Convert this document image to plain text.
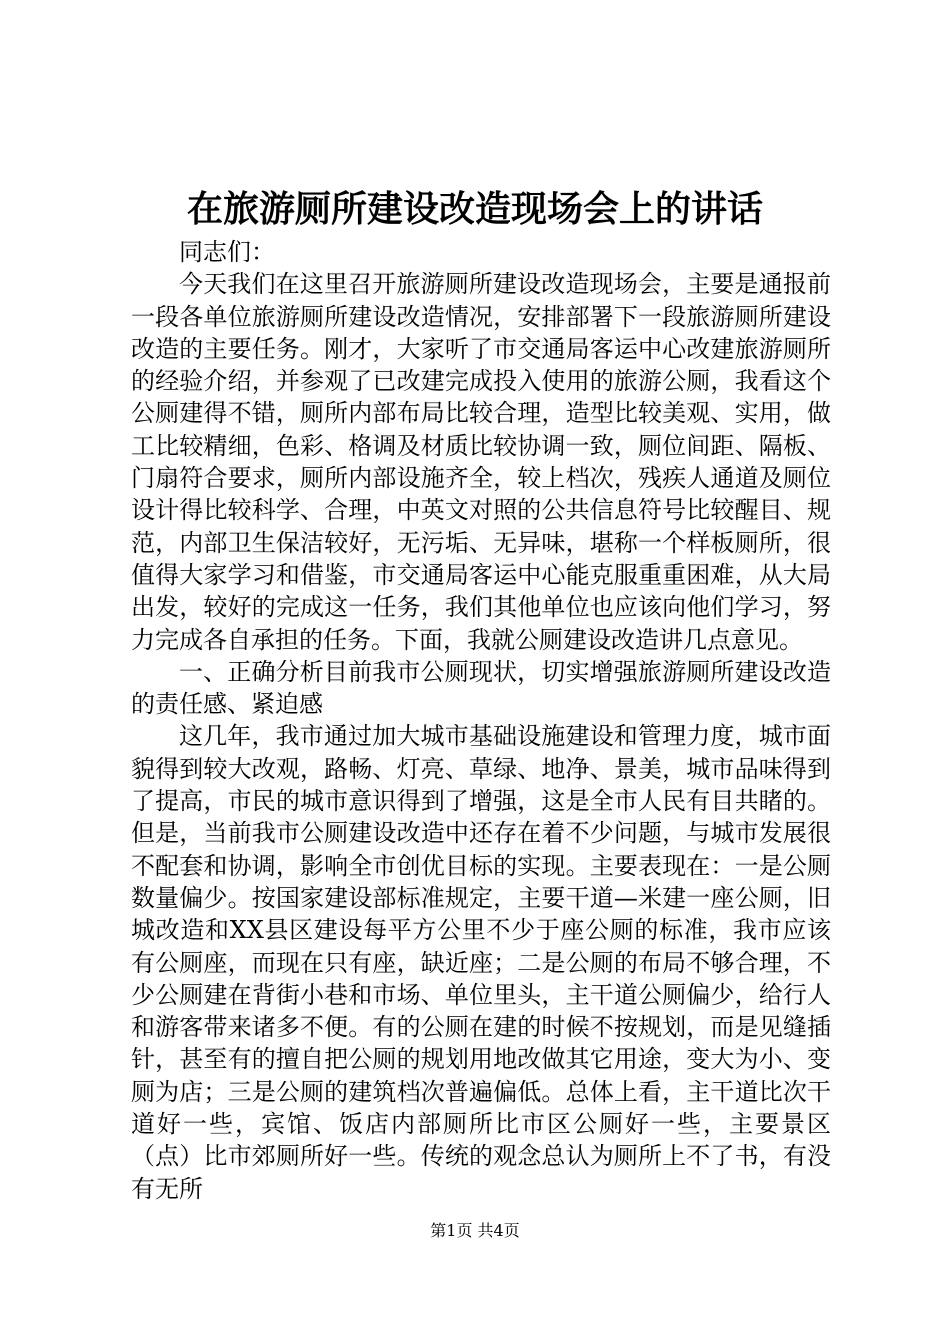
在旅游厕所建设改造现场会上的讲话

同志们：

今天我们在这里召开旅游厕所建设改造现场会，主要是通报前一段各单位旅游厕所建设改造情况，安排部署下一段旅游厕所建设改造的主要任务。刚才，大家听了市交通局客运中心改建旅游厕所的经验介绍，并参观了已改建完成投入使用的旅游公厕，我看这个公厕建得不错，厕所内部布局比较合理，造型比较美观、实用，做工比较精细，色彩、格调及材质比较协调一致，厕位间距、隔板、门扇符合要求，厕所内部设施齐全，较上档次，残疾人通道及厕位设计得比较科学、合理，中英文对照的公共信息符号比较醒目、规范，内部卫生保洁较好，无污垢、无异味，堪称一个样板厕所，很值得大家学习和借鉴，市交通局客运中心能克服重重困难，从大局出发，较好的完成这一任务，我们其他单位也应该向他们学习，努力完成各自承担的任务。下面，我就公厕建设改造讲几点意见。

一、正确分析目前我市公厕现状，切实增强旅游厕所建设改造的责任感、紧迫感

这几年，我市通过加大城市基础设施建设和管理力度，城市面貌得到较大改观，路畅、灯亮、草绿、地净、景美，城市品味得到了提高，市民的城市意识得到了增强，这是全市人民有目共睹的。但是，当前我市公厕建设改造中还存在着不少问题，与城市发展很不配套和协调，影响全市创优目标的实现。主要表现在：一是公厕数量偏少。按国家建设部标准规定，主要干道—米建一座公厕，旧城改造和XX县区建设每平方公里不少于座公厕的标准，我市应该有公厕座，而现在只有座，缺近座；二是公厕的布局不够合理，不少公厕建在背街小巷和市场、单位里头，主干道公厕偏少，给行人和游客带来诸多不便。有的公厕在建的时候不按规划，而是见缝插针，甚至有的擅自把公厕的规划用地改做其它用途，变大为小、变厕为店；三是公厕的建筑档次普遍偏低。总体上看，主干道比次干道好一些，宾馆、饭店内部厕所比市区公厕好一些，主要景区（点）比市郊厕所好一些。传统的观念总认为厕所上不了书，有没有无所

第1页 共4页
